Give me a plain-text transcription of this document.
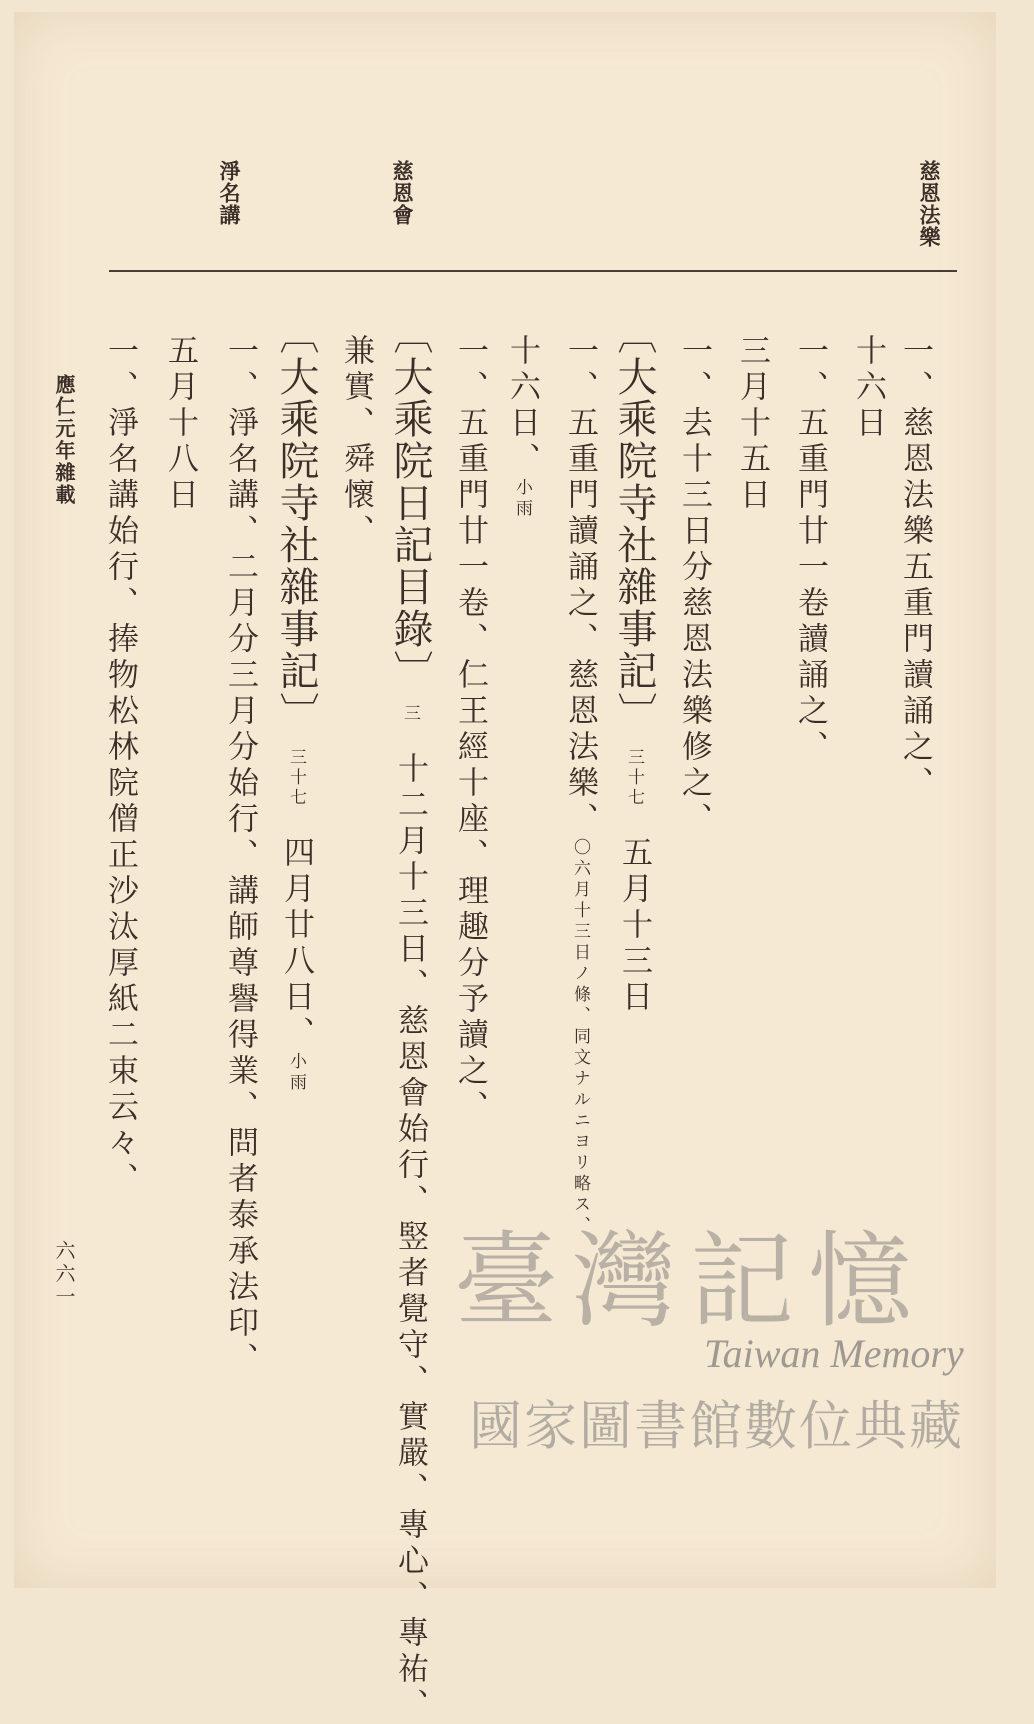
慈恩法樂
慈恩會
淨名講
一、慈恩法樂五重門讀誦之、
十六日
一、五重門廿一卷讀誦之、
三月十五日
一、去十三日分慈恩法樂修之、
〔大乘院寺社雜事記〕三十七五月十三日
一、五重門讀誦之、慈恩法樂、〇六月十三日ノ條、同文ナルニヨリ略ス、
十六日、小雨
一、五重門廿一卷、仁王經十座、理趣分予讀之、
〔大乘院日記目錄〕三十二月十三日、慈恩會始行、竪者覺守、實嚴、專心、專祐、
兼實、舜懷、
〔大乘院寺社雜事記〕三十七四月廿八日、小雨
一、淨名講、二月分三月分始行、講師尊譽得業、問者泰承法印、
五月十八日
一、淨名講始行、捧物松林院僧正沙汰厚紙二束云々、
應仁元年雜載
六六一	臺灣記憶
Taiwan Memory
國家圖書館數位典藏
